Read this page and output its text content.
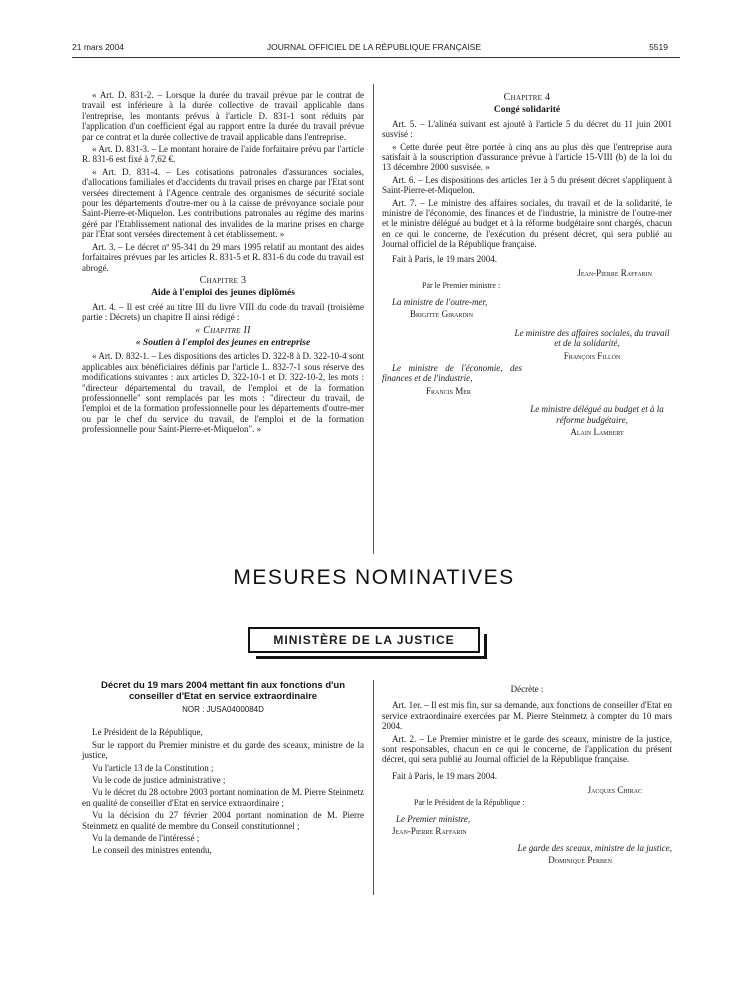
21 mars 2004	JOURNAL OFFICIEL DE LA RÉPUBLIQUE FRANÇAISE	5519

« Art. D. 831-2. – Lorsque la durée du travail prévue par le contrat de travail est inférieure à la durée collective de travail applicable dans l'entreprise, les montants prévus à l'article D. 831-1 sont réduits par l'application d'un coefficient égal au rapport entre la durée du travail prévue par ce contrat et la durée collective de travail applicable dans l'entreprise.

« Art. D. 831-3. – Le montant horaire de l'aide forfaitaire prévu par l'article R. 831-6 est fixé à 7,62 €.

« Art. D. 831-4. – Les cotisations patronales d'assurances sociales, d'allocations familiales et d'accidents du travail prises en charge par l'Etat sont versées directement à l'Agence centrale des organismes de sécurité sociale pour les départements d'outre-mer ou à la caisse de prévoyance sociale pour Saint-Pierre-et-Miquelon. Les contributions patronales au régime des marins géré par l'Etablissement national des invalides de la marine prises en charge par l'Etat sont versées directement à cet établissement. »

Art. 3. – Le décret nº 95-341 du 29 mars 1995 relatif au montant des aides forfaitaires prévues par les articles R. 831-5 et R. 831-6 du code du travail est abrogé.

Chapitre 3
Aide à l'emploi des jeunes diplômés

Art. 4. – Il est créé au titre III du livre VIII du code du travail (troisième partie : Décrets) un chapitre II ainsi rédigé :

« Chapitre II
« Soutien à l'emploi des jeunes en entreprise

« Art. D. 832-1. – Les dispositions des articles D. 322-8 à D. 322-10-4 sont applicables aux bénéficiaires définis par l'article L. 832-7-1 sous réserve des modifications suivantes : aux articles D. 322-10-1 et D. 322-10-2, les mots : "directeur départemental du travail, de l'emploi et de la formation professionnelle" sont remplacés par les mots : "directeur du travail, de l'emploi et de la formation professionnelle pour les départements d'outre-mer ou par le chef du service du travail, de l'emploi et de la formation professionnelle pour Saint-Pierre-et-Miquelon". »

Chapitre 4
Congé solidarité

Art. 5. – L'alinéa suivant est ajouté à l'article 5 du décret du 11 juin 2001 susvisé :

« Cette durée peut être portée à cinq ans au plus dès que l'entreprise aura satisfait à la souscription d'assurance prévue à l'article 15-VIII (b) de la loi du 13 décembre 2000 susvisée. »

Art. 6. – Les dispositions des articles 1er à 5 du présent décret s'appliquent à Saint-Pierre-et-Miquelon.

Art. 7. – Le ministre des affaires sociales, du travail et de la solidarité, le ministre de l'économie, des finances et de l'industrie, la ministre de l'outre-mer et le ministre délégué au budget et à la réforme budgétaire sont chargés, chacun en ce qui le concerne, de l'exécution du présent décret, qui sera publié au Journal officiel de la République française.

Fait à Paris, le 19 mars 2004.

Jean-Pierre Raffarin

Par le Premier ministre :

La ministre de l'outre-mer,

Brigitte Girardin

Le ministre des affaires sociales, du travail et de la solidarité,

François Fillon

Le ministre de l'économie, des finances et de l'industrie,

Francis Mer

Le ministre délégué au budget et à la réforme budgétaire,

Alain Lambert

MESURES NOMINATIVES
MINISTÈRE DE LA JUSTICE
Décret du 19 mars 2004 mettant fin aux fonctions d'un conseiller d'Etat en service extraordinaire
NOR : JUSA0400084D

Le Président de la République,

Sur le rapport du Premier ministre et du garde des sceaux, ministre de la justice,

Vu l'article 13 de la Constitution ;

Vu le code de justice administrative ;

Vu le décret du 28 octobre 2003 portant nomination de M. Pierre Steinmetz en qualité de conseiller d'Etat en service extraordinaire ;

Vu la décision du 27 février 2004 portant nomination de M. Pierre Steinmetz en qualité de membre du Conseil constitutionnel ;

Vu la demande de l'intéressé ;

Le conseil des ministres entendu,

Décrète :

Art. 1er. – Il est mis fin, sur sa demande, aux fonctions de conseiller d'Etat en service extraordinaire exercées par M. Pierre Steinmetz à compter du 10 mars 2004.

Art. 2. – Le Premier ministre et le garde des sceaux, ministre de la justice, sont responsables, chacun en ce qui le concerne, de l'application du présent décret, qui sera publié au Journal officiel de la République française.

Fait à Paris, le 19 mars 2004.

Jacques Chirac

Par le Président de la République :

Le Premier ministre,

Jean-Pierre Raffarin

Le garde des sceaux, ministre de la justice,

Dominique Perben
